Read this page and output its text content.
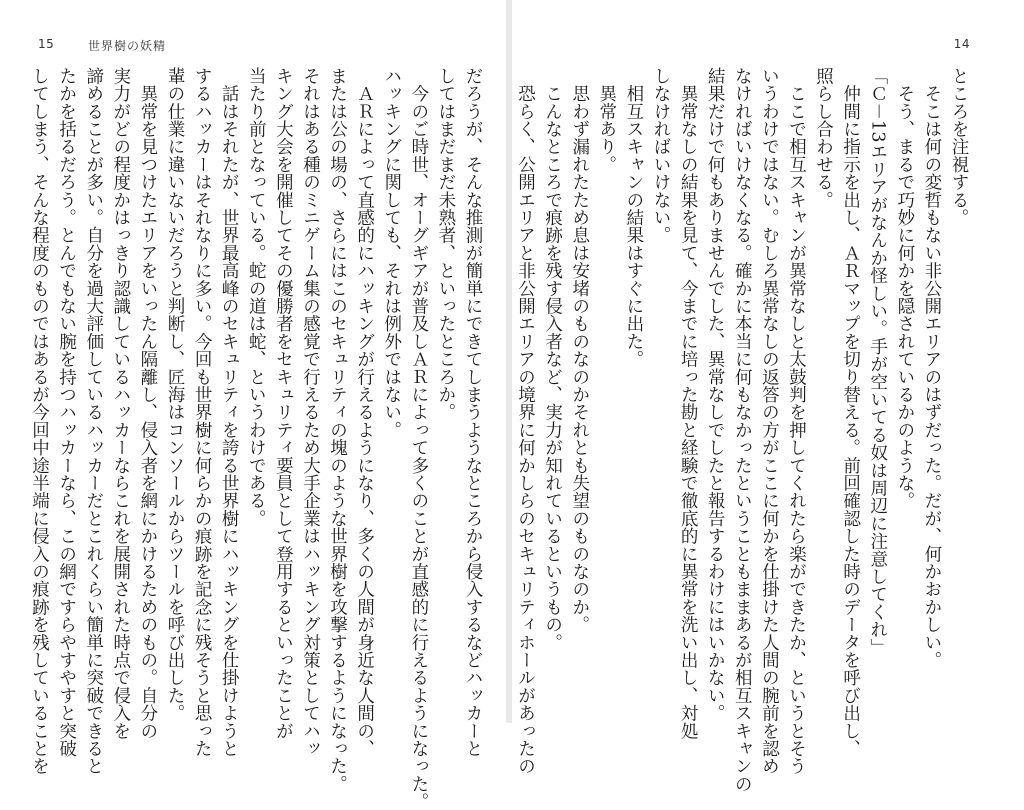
15	世界樹の妖精
だろうが、そんな推測が簡単にできてしまうようなところから侵入するなどハッカーと
してはまだまだ未熟者、といったところか。
　今のご時世、オーグギアが普及しＡＲによって多くのことが直感的に行えるようになった。
ハッキングに関しても、それは例外ではない。
　ＡＲによって直感的にハッキングが行えるようになり、多くの人間が身近な人間の、
または公の場の、さらにはこのセキュリティの塊のような世界樹を攻撃するようになった。
それはある種のミニゲーム集の感覚で行えるため大手企業はハッキング対策としてハッ
キング大会を開催してその優勝者をセキュリティ要員として登用するといったことが
当たり前となっている。蛇の道は蛇、というわけである。
　話はそれたが、世界最高峰のセキュリティを誇る世界樹にハッキングを仕掛けようと
するハッカーはそれなりに多い。今回も世界樹に何らかの痕跡を記念に残そうと思った
輩の仕業に違いないだろうと判断し、匠海はコンソールからツールを呼び出した。
　異常を見つけたエリアをいったん隔離し、侵入者を網にかけるためのもの。自分の
実力がどの程度かはっきり認識しているハッカーならこれを展開された時点で侵入を
諦めることが多い。自分を過大評価しているハッカーだとこれくらい簡単に突破できると
たかを括るだろう。とんでもない腕を持つハッカーなら、この網ですらやすやすと突破
してしまう、そんな程度のものではあるが今回中途半端に侵入の痕跡を残していることを
14
ところを注視する。
　そこは何の変哲もない非公開エリアのはずだった。だが、何かおかしい。
　そう、まるで巧妙に何かを隠されているかのような。
「Ｃ－13エリアがなんか怪しい。手が空いてる奴は周辺に注意してくれ」
　仲間に指示を出し、ＡＲマップを切り替える。前回確認した時のデータを呼び出し、
照らし合わせる。
　ここで相互スキャンが異常なしと太鼓判を押してくれたら楽ができたか、というとそう
いうわけではない。むしろ異常なしの返答の方がここに何かを仕掛けた人間の腕前を認め
なければいけなくなる。確かに本当に何もなかったということもままあるが相互スキャンの
結果だけで何もありませんでした、異常なしでしたと報告するわけにはいかない。
　異常なしの結果を見て、今までに培った勘と経験で徹底的に異常を洗い出し、対処
しなければいけない。
　相互スキャンの結果はすぐに出た。
　異常あり。
　思わず漏れたため息は安堵のものなのかそれとも失望のものなのか。
　こんなところで痕跡を残す侵入者など、実力が知れているというもの。
　恐らく、公開エリアと非公開エリアの境界に何かしらのセキュリティホールがあったの
